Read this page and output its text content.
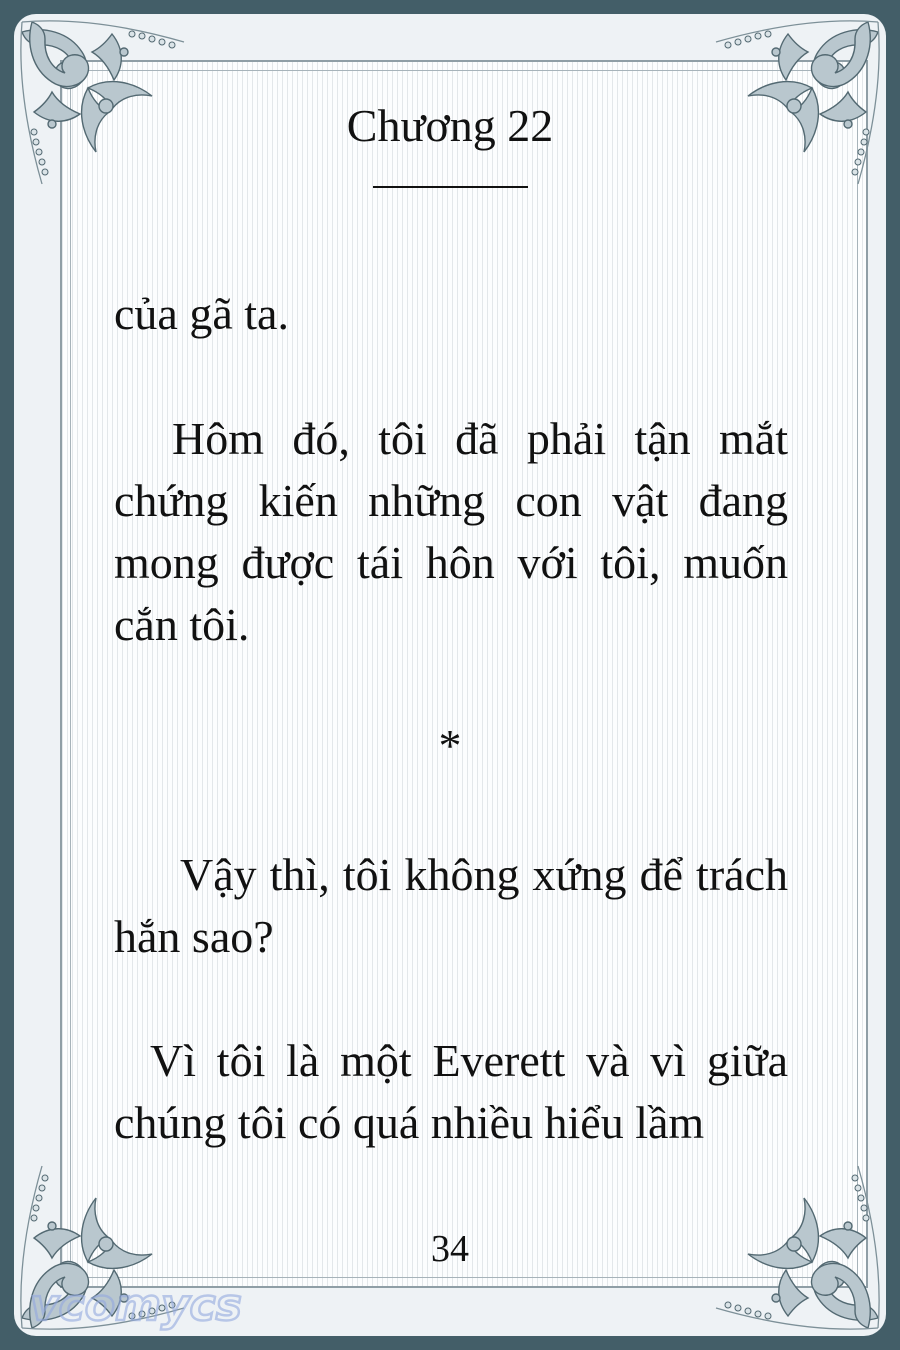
Chương 22
của gã ta.
Hôm đó, tôi đã phải tận mắt chứng kiến những con vật đang mong được tái hôn với tôi, muốn cắn tôi.
*
Vậy thì, tôi không xứng để trách hắn sao?
Vì tôi là một Everett và vì giữa chúng tôi có quá nhiều hiểu lầm
34
vcomycs
